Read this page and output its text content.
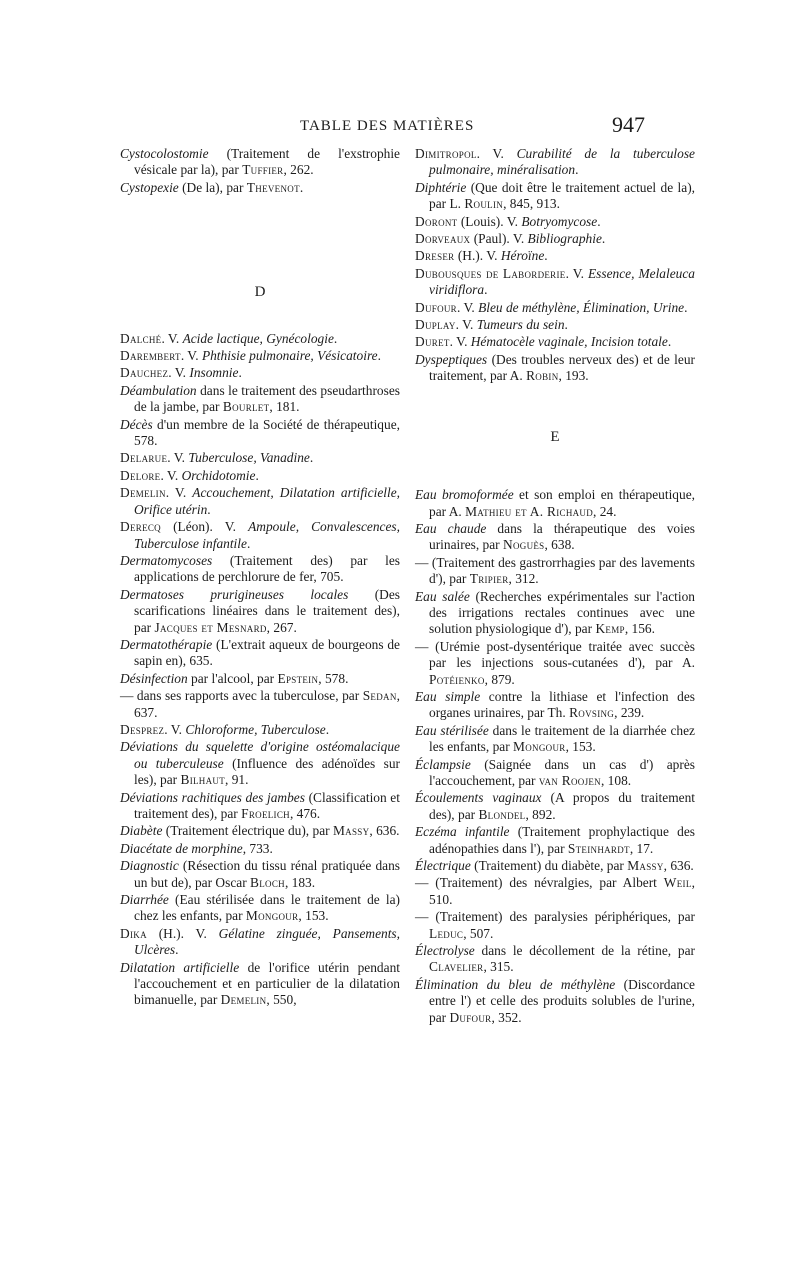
TABLE DES MATIÈRES	947

Cystocolostomie (Traitement de l'exstrophie vésicale par la), par Tuffier, 262.

Cystopexie (De la), par Thevenot.

D

Dalché. V. Acide lactique, Gynécologie.

Darembert. V. Phthisie pulmonaire, Vésicatoire.

Dauchez. V. Insomnie.

Déambulation dans le traitement des pseudarthroses de la jambe, par Bourlet, 181.

Décès d'un membre de la Société de thérapeutique, 578.

Delarue. V. Tuberculose, Vanadine.

Delore. V. Orchidotomie.

Demelin. V. Accouchement, Dilatation artificielle, Orifice utérin.

Derecq (Léon). V. Ampoule, Convalescences, Tuberculose infantile.

Dermatomycoses (Traitement des) par les applications de perchlorure de fer, 705.

Dermatoses prurigineuses locales (Des scarifications linéaires dans le traitement des), par Jacques et Mesnard, 267.

Dermatothérapie (L'extrait aqueux de bourgeons de sapin en), 635.

Désinfection par l'alcool, par Epstein, 578.

— dans ses rapports avec la tuberculose, par Sedan, 637.

Desprez. V. Chloroforme, Tuberculose.

Déviations du squelette d'origine ostéomalacique ou tuberculeuse (Influence des adénoïdes sur les), par Bilhaut, 91.

Déviations rachitiques des jambes (Classification et traitement des), par Froelich, 476.

Diabète (Traitement électrique du), par Massy, 636.

Diacétate de morphine, 733.

Diagnostic (Résection du tissu rénal pratiquée dans un but de), par Oscar Bloch, 183.

Diarrhée (Eau stérilisée dans le traitement de la) chez les enfants, par Mongour, 153.

Dika (H.). V. Gélatine zinguée, Pansements, Ulcères.

Dilatation artificielle de l'orifice utérin pendant l'accouchement et en particulier de la dilatation bimanuelle, par Demelin, 550,

Dimitropol. V. Curabilité de la tuberculose pulmonaire, minéralisation.

Diphtérie (Que doit être le traitement actuel de la), par L. Roulin, 845, 913.

Doront (Louis). V. Botryomycose.

Dorveaux (Paul). V. Bibliographie.

Dreser (H.). V. Héroïne.

Dubousques de Laborderie. V. Essence, Melaleuca viridiflora.

Dufour. V. Bleu de méthylène, Élimination, Urine.

Duplay. V. Tumeurs du sein.

Duret. V. Hématocèle vaginale, Incision totale.

Dyspeptiques (Des troubles nerveux des) et de leur traitement, par A. Robin, 193.

E

Eau bromoformée et son emploi en thérapeutique, par A. Mathieu et A. Richaud, 24.

Eau chaude dans la thérapeutique des voies urinaires, par Noguès, 638.

— (Traitement des gastrorrhagies par des lavements d'), par Tripier, 312.

Eau salée (Recherches expérimentales sur l'action des irrigations rectales continues avec une solution physiologique d'), par Kemp, 156.

— (Urémie post-dysentérique traitée avec succès par les injections sous-cutanées d'), par A. Potéienko, 879.

Eau simple contre la lithiase et l'infection des organes urinaires, par Th. Rovsing, 239.

Eau stérilisée dans le traitement de la diarrhée chez les enfants, par Mongour, 153.

Éclampsie (Saignée dans un cas d') après l'accouchement, par van Roojen, 108.

Écoulements vaginaux (A propos du traitement des), par Blondel, 892.

Eczéma infantile (Traitement prophylactique des adénopathies dans l'), par Steinhardt, 17.

Électrique (Traitement) du diabète, par Massy, 636.

— (Traitement) des névralgies, par Albert Weil, 510.

— (Traitement) des paralysies périphériques, par Leduc, 507.

Électrolyse dans le décollement de la rétine, par Clavelier, 315.

Élimination du bleu de méthylène (Discordance entre l') et celle des produits solubles de l'urine, par Dufour, 352.
